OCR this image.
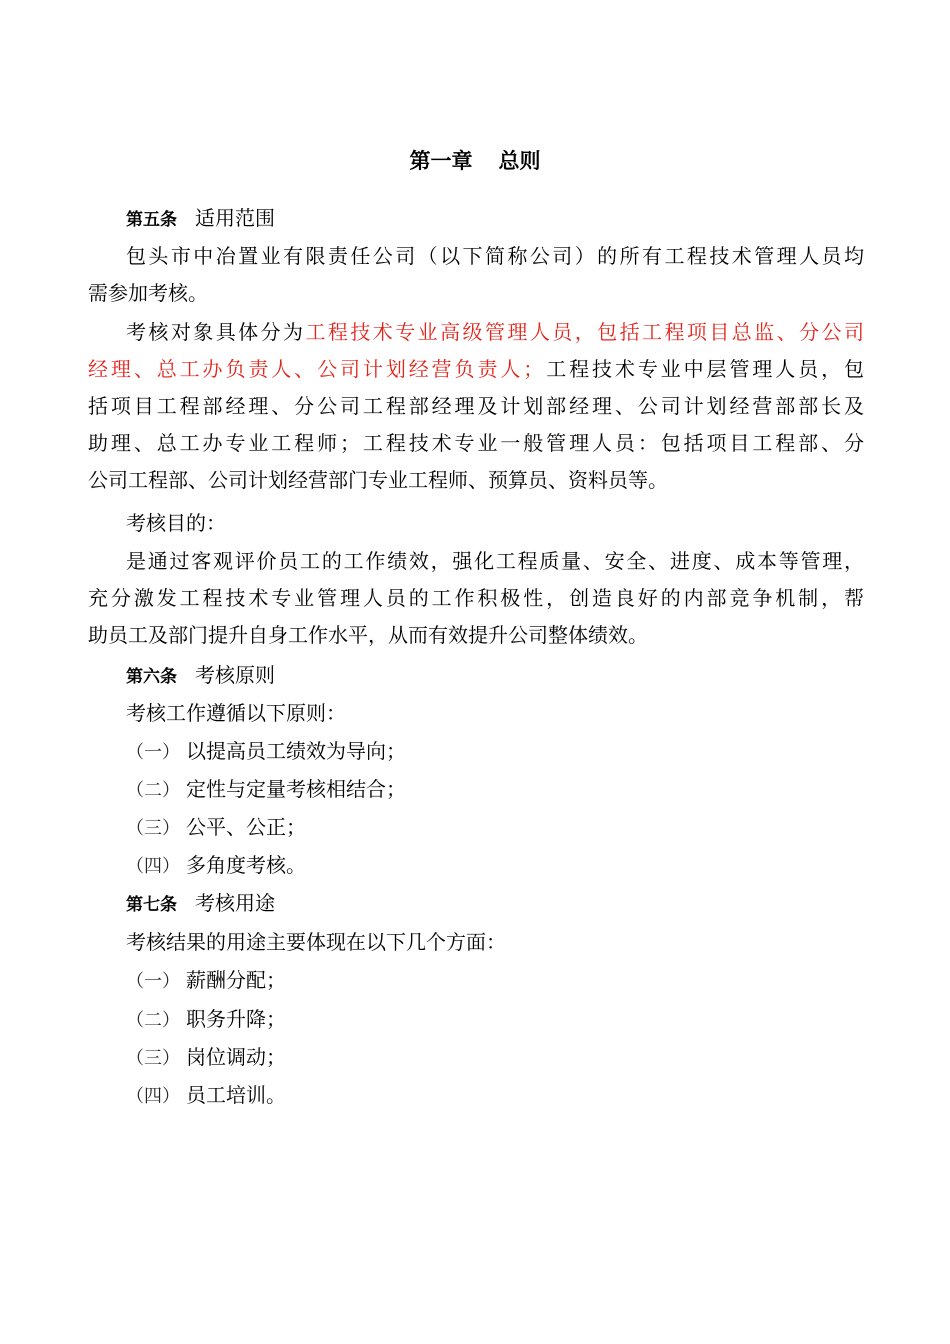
第一章 总则
第五条 适用范围
包头市中冶置业有限责任公司（以下简称公司）的所有工程技术管理人员均
需参加考核。
考核对象具体分为工程技术专业高级管理人员，包括工程项目总监、分公司
经理、总工办负责人、公司计划经营负责人；工程技术专业中层管理人员，包
括项目工程部经理、分公司工程部经理及计划部经理、公司计划经营部部长及
助理、总工办专业工程师；工程技术专业一般管理人员：包括项目工程部、分
公司工程部、公司计划经营部门专业工程师、预算员、资料员等。
考核目的：
是通过客观评价员工的工作绩效，强化工程质量、安全、进度、成本等管理，
充分激发工程技术专业管理人员的工作积极性，创造良好的内部竞争机制，帮
助员工及部门提升自身工作水平，从而有效提升公司整体绩效。
第六条 考核原则
考核工作遵循以下原则：
（一） 以提高员工绩效为导向；
（二） 定性与定量考核相结合；
（三） 公平、公正；
（四） 多角度考核。
第七条 考核用途
考核结果的用途主要体现在以下几个方面：
（一） 薪酬分配；
（二） 职务升降；
（三） 岗位调动；
（四） 员工培训。
